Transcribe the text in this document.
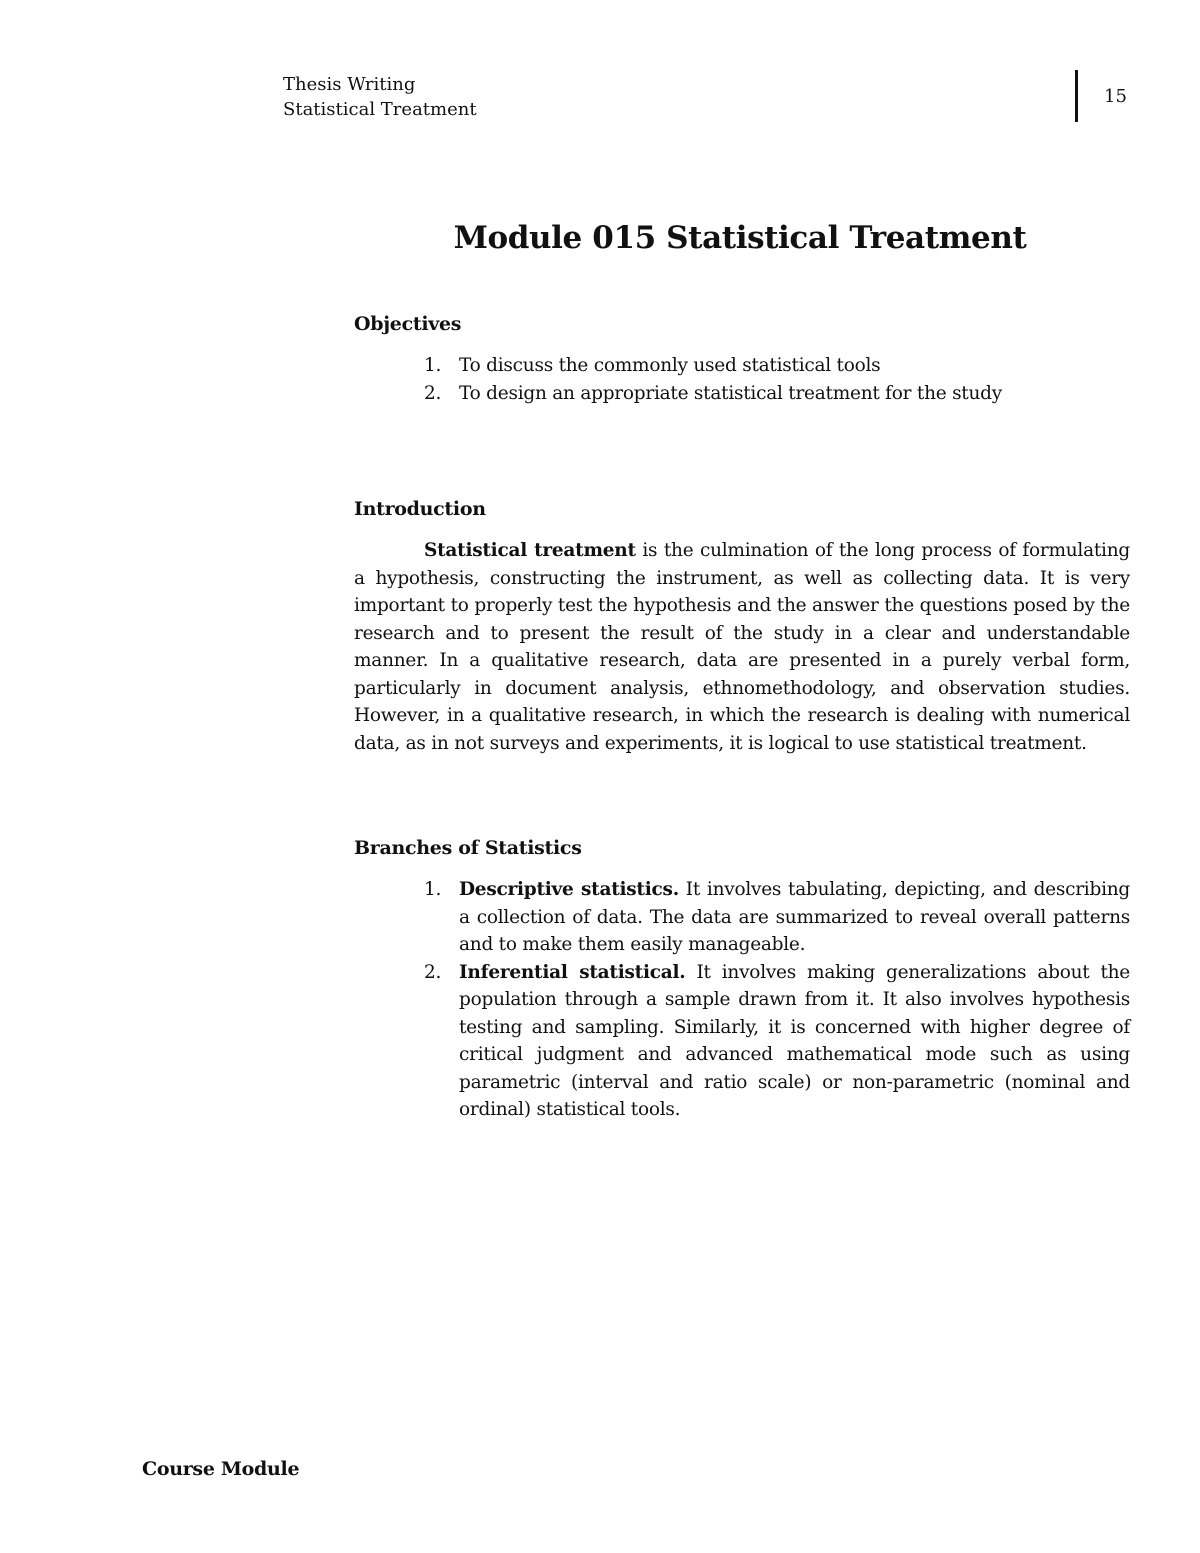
Thesis Writing
Statistical Treatment
15
Module 015 Statistical Treatment
Objectives
1. To discuss the commonly used statistical tools
2. To design an appropriate statistical treatment for the study
Introduction
Statistical treatment is the culmination of the long process of formulating a hypothesis, constructing the instrument, as well as collecting data. It is very important to properly test the hypothesis and the answer the questions posed by the research and to present the result of the study in a clear and understandable manner. In a qualitative research, data are presented in a purely verbal form, particularly in document analysis, ethnomethodology, and observation studies. However, in a qualitative research, in which the research is dealing with numerical data, as in not surveys and experiments, it is logical to use statistical treatment.
Branches of Statistics
1. Descriptive statistics. It involves tabulating, depicting, and describing a collection of data. The data are summarized to reveal overall patterns and to make them easily manageable.
2. Inferential statistical. It involves making generalizations about the population through a sample drawn from it. It also involves hypothesis testing and sampling. Similarly, it is concerned with higher degree of critical judgment and advanced mathematical mode such as using parametric (interval and ratio scale) or non-parametric (nominal and ordinal) statistical tools.
Course Module
